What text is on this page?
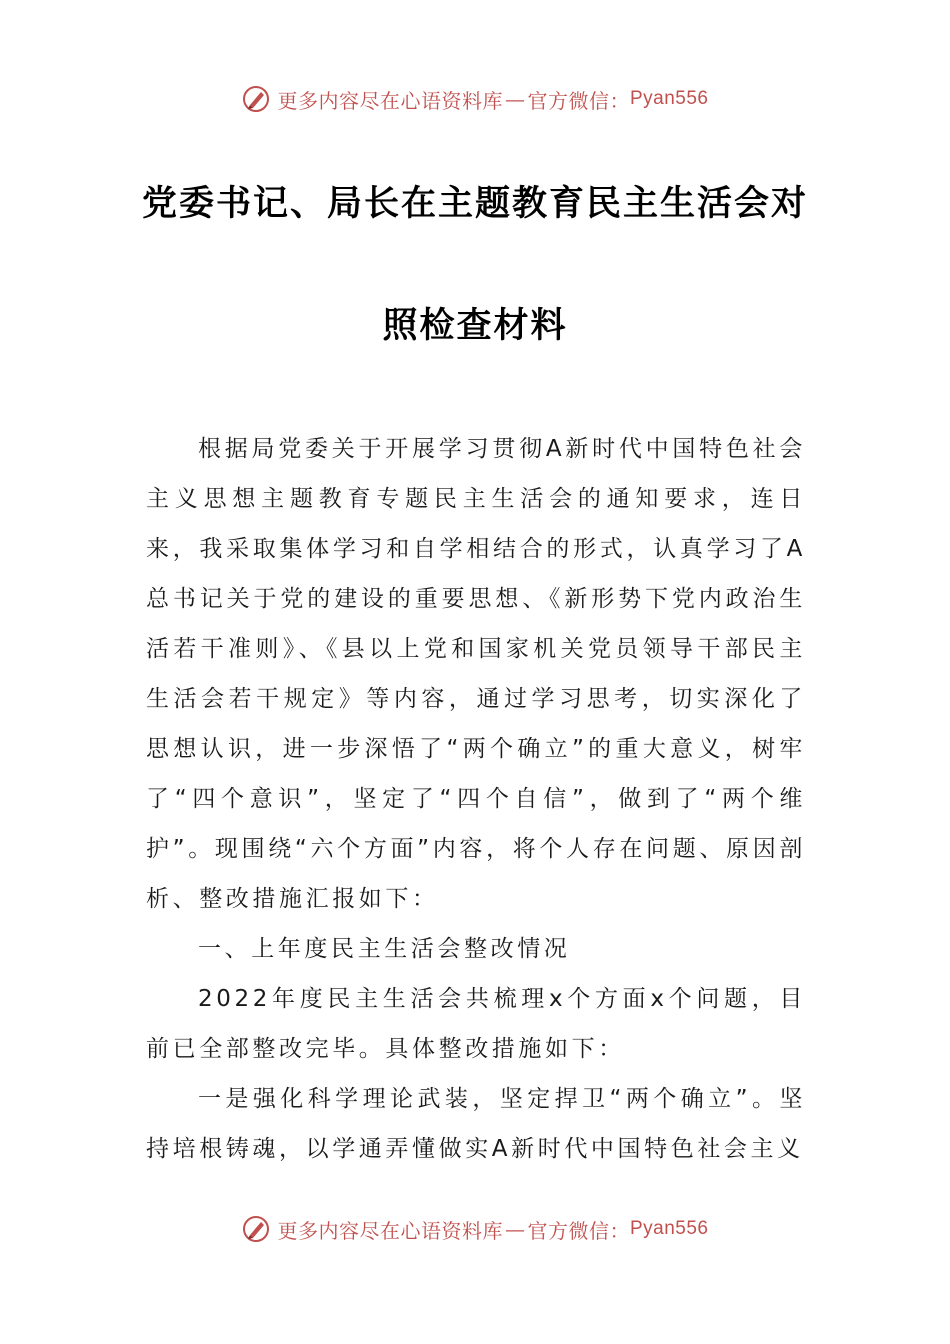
更多内容尽在心语资料库 — 官方微信： Pyan556
党委书记、局长在主题教育民主生活会对
照检查材料

根据局党委关于开展学习贯彻A新时代中国特色社会主义思想主题教育专题民主生活会的通知要求，连日来，我采取集体学习和自学相结合的形式，认真学习了A总书记关于党的建设的重要思想、《新形势下党内政治生活若干准则》、《县以上党和国家机关党员领导干部民主生活会若干规定》等内容，通过学习思考，切实深化了思想认识，进一步深悟了“两个确立”的重大意义，树牢了“四个意识”，坚定了“四个自信”，做到了“两个维护”。现围绕“六个方面”内容，将个人存在问题、原因剖析、整改措施汇报如下：

一、上年度民主生活会整改情况

2022年度民主生活会共梳理x个方面x个问题，目前已全部整改完毕。具体整改措施如下：

一是强化科学理论武装，坚定捍卫“两个确立”。坚持培根铸魂，以学通弄懂做实A新时代中国特色社会主义

更多内容尽在心语资料库 — 官方微信： Pyan556
